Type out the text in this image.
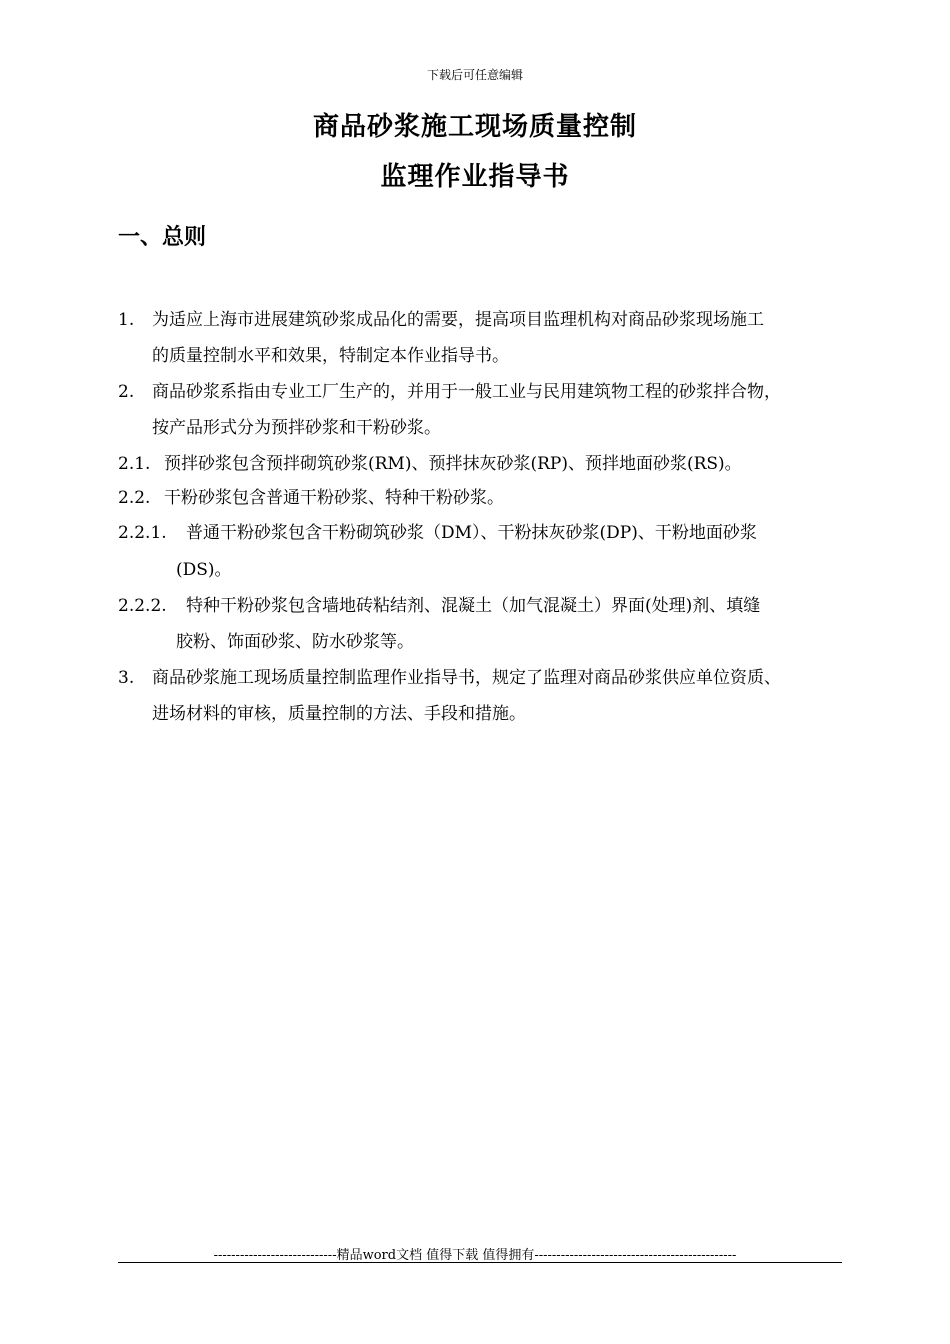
下载后可任意编辑
商品砂浆施工现场质量控制
监理作业指导书
一、总则
1. 为适应上海市进展建筑砂浆成品化的需要，提高项目监理机构对商品砂浆现场施工
的质量控制水平和效果，特制定本作业指导书。
2. 商品砂浆系指由专业工厂生产的，并用于一般工业与民用建筑物工程的砂浆拌合物，
按产品形式分为预拌砂浆和干粉砂浆。
2.1. 预拌砂浆包含预拌砌筑砂浆(RM)、预拌抹灰砂浆(RP)、预拌地面砂浆(RS)。
2.2. 干粉砂浆包含普通干粉砂浆、特种干粉砂浆。
2.2.1. 普通干粉砂浆包含干粉砌筑砂浆（DM）、干粉抹灰砂浆(DP)、干粉地面砂浆
(DS)。
2.2.2. 特种干粉砂浆包含墙地砖粘结剂、混凝土（加气混凝土）界面(处理)剂、填缝
胶粉、饰面砂浆、防水砂浆等。
3. 商品砂浆施工现场质量控制监理作业指导书，规定了监理对商品砂浆供应单位资质、
进场材料的审核，质量控制的方法、手段和措施。
----------------------------精品word文档 值得下载 值得拥有----------------------------------------------
